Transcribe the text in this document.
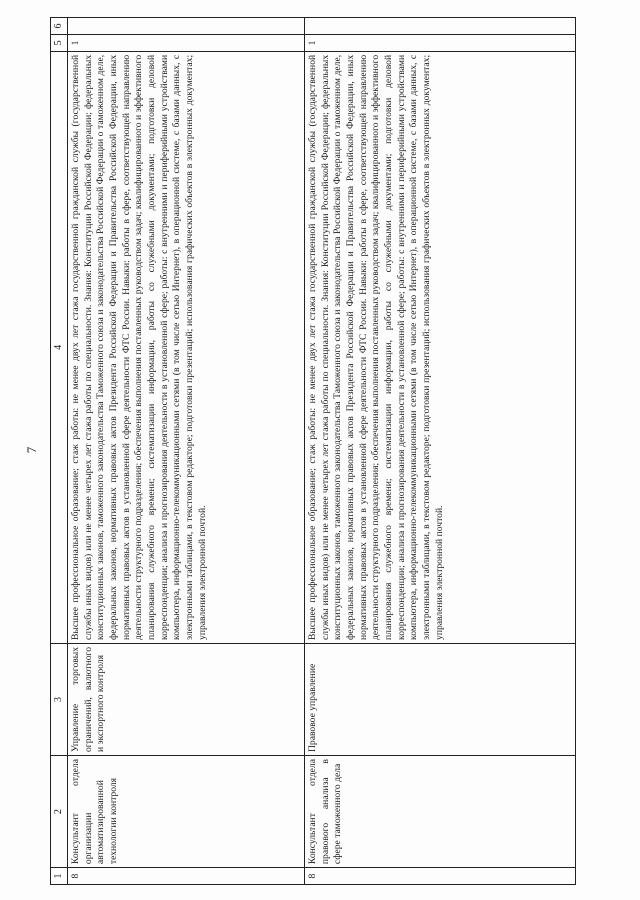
7
1	2	3	4	5	6
8	Консультант отдела организации автоматизированной технологии контроля	Управление торговых ограничений, валютного и экспортного контроля	Высшее профессиональное образование; стаж работы: не менее двух лет стажа государственной гражданской службы (государственной службы иных видов) или не менее четырех лет стажа работы по специальности. Знания: Конституции Российской Федерации; федеральных конституционных законов, таможенного законодательства Таможенного союза и законодательства Российской Федерации о таможенном деле, федеральных законов, нормативных правовых актов Президента Российской Федерации и Правительства Российской Федерации, иных нормативных правовых актов в установленной сфере деятельности ФТС России. Навыки: работы в сфере, соответствующей направлению деятельности структурного подразделения; обеспечения выполнения поставленных руководством задач; квалифицированного и эффективного планирования служебного времени; систематизации информации, работы со служебными документами; подготовки деловой корреспонденции; анализа и прогнозирования деятельности в установленной сфере; работы: с внутренними и периферийными устройствами компьютера, информационно-телекоммуникационными сетями (в том числе сетью Интернет), в операционной системе, с базами данных, с электронными таблицами, в текстовом редакторе; подготовки презентаций; использования графических объектов в электронных документах; управления электронной почтой.	1	
8	Консультант отдела правового анализа в сфере таможенного дела	Правовое управление	Высшее профессиональное образование; стаж работы: не менее двух лет стажа государственной гражданской службы (государственной службы иных видов) или не менее четырех лет стажа работы по специальности. Знания: Конституции Российской Федерации; федеральных конституционных законов, таможенного законодательства Таможенного союза и законодательства Российской Федерации о таможенном деле, федеральных законов, нормативных правовых актов Президента Российской Федерации и Правительства Российской Федерации, иных нормативных правовых актов в установленной сфере деятельности ФТС России. Навыки: работы в сфере, соответствующей направлению деятельности структурного подразделения; обеспечения выполнения поставленных руководством задач; квалифицированного и эффективного планирования служебного времени; систематизации информации, работы со служебными документами; подготовки деловой корреспонденции; анализа и прогнозирования деятельности в установленной сфере; работы: с внутренними и периферийными устройствами компьютера, информационно-телекоммуникационными сетями (в том числе сетью Интернет), в операционной системе, с базами данных, с электронными таблицами, в текстовом редакторе; подготовки презентаций; использования графических объектов в электронных документах; управления электронной почтой.	1	
